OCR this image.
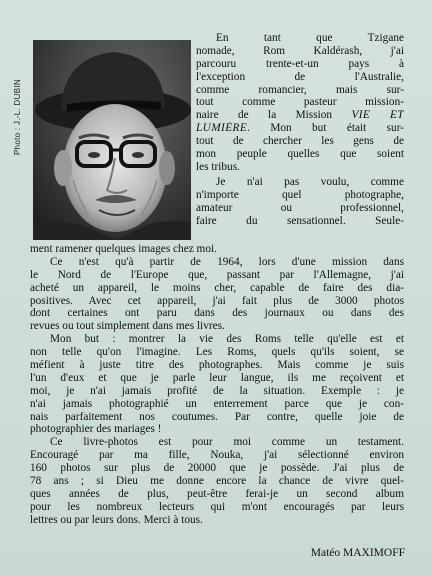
Photo : J.-L. DUBIN
En tant que Tzigane
nomade, Rom Kaldérash, j'ai
parcouru trente-et-un pays à
l'exception de l'Australie,
comme romancier, mais sur-
tout comme pasteur mission-
naire de la Mission VIE ET
LUMIÈRE. Mon but était sur-
tout de chercher les gens de
mon peuple quelles que soient
les tribus.
Je n'ai pas voulu, comme
n'importe quel photographe,
amateur ou professionnel,
faire du sensationnel. Seule-
ment ramener quelques images chez moi.
Ce n'est qu'à partir de 1964, lors d'une mission dans
le Nord de l'Europe que, passant par l'Allemagne, j'ai
acheté un appareil, le moins cher, capable de faire des dia-
positives. Avec cet appareil, j'ai fait plus de 3000 photos
dont certaines ont paru dans des journaux ou dans des
revues ou tout simplement dans mes livres.
Mon but : montrer la vie des Roms telle qu'elle est et
non telle qu'on l'imagine. Les Roms, quels qu'ils soient, se
méfient à juste titre des photographes. Mais comme je suis
l'un d'eux et que je parle leur langue, ils me reçoivent et
moi, je n'ai jamais profité de la situation. Exemple : je
n'ai jamais photographié un enterrement parce que je con-
nais parfaitement nos coutumes. Par contre, quelle joie de
photographier des mariages !
Ce livre-photos est pour moi comme un testament.
Encouragé par ma fille, Nouka, j'ai sélectionné environ
160 photos sur plus de 20000 que je possède. J'ai plus de
78 ans ; si Dieu me donne encore la chance de vivre quel-
ques années de plus, peut-être ferai-je un second album
pour les nombreux lecteurs qui m'ont encouragés par leurs
lettres ou par leurs dons. Merci à tous.
Matéo MAXIMOFF
